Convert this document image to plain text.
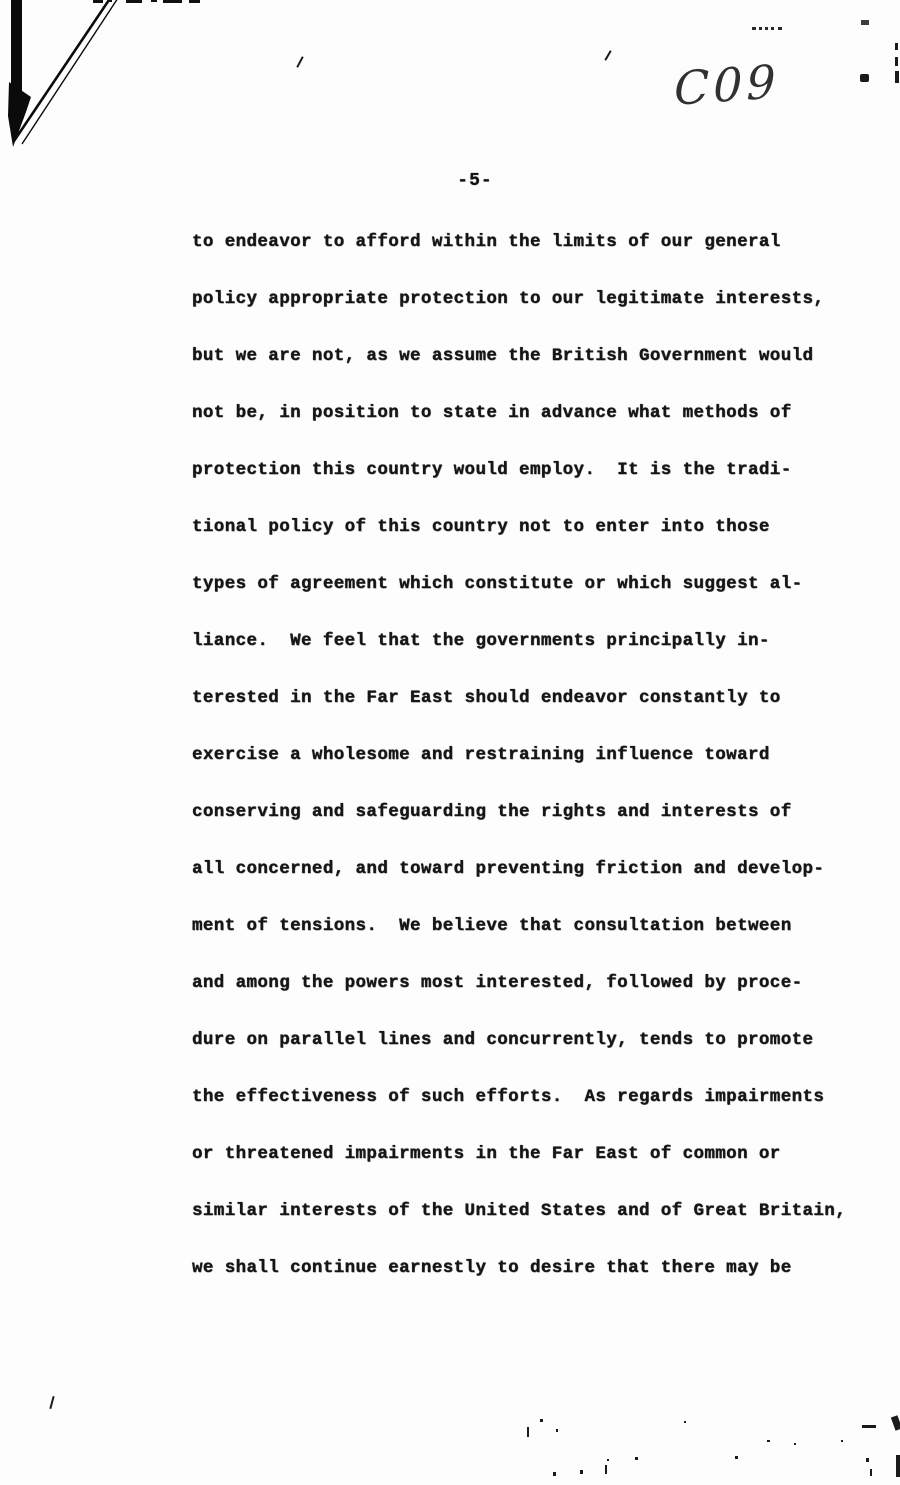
C09
-5-
to endeavor to afford within the limits of our general
policy appropriate protection to our legitimate interests,
but we are not, as we assume the British Government would
not be, in position to state in advance what methods of
protection this country would employ.  It is the tradi-
tional policy of this country not to enter into those
types of agreement which constitute or which suggest al-
liance.  We feel that the governments principally in-
terested in the Far East should endeavor constantly to
exercise a wholesome and restraining influence toward
conserving and safeguarding the rights and interests of
all concerned, and toward preventing friction and develop-
ment of tensions.  We believe that consultation between
and among the powers most interested, followed by proce-
dure on parallel lines and concurrently, tends to promote
the effectiveness of such efforts.  As regards impairments
or threatened impairments in the Far East of common or
similar interests of the United States and of Great Britain,
we shall continue earnestly to desire that there may be
